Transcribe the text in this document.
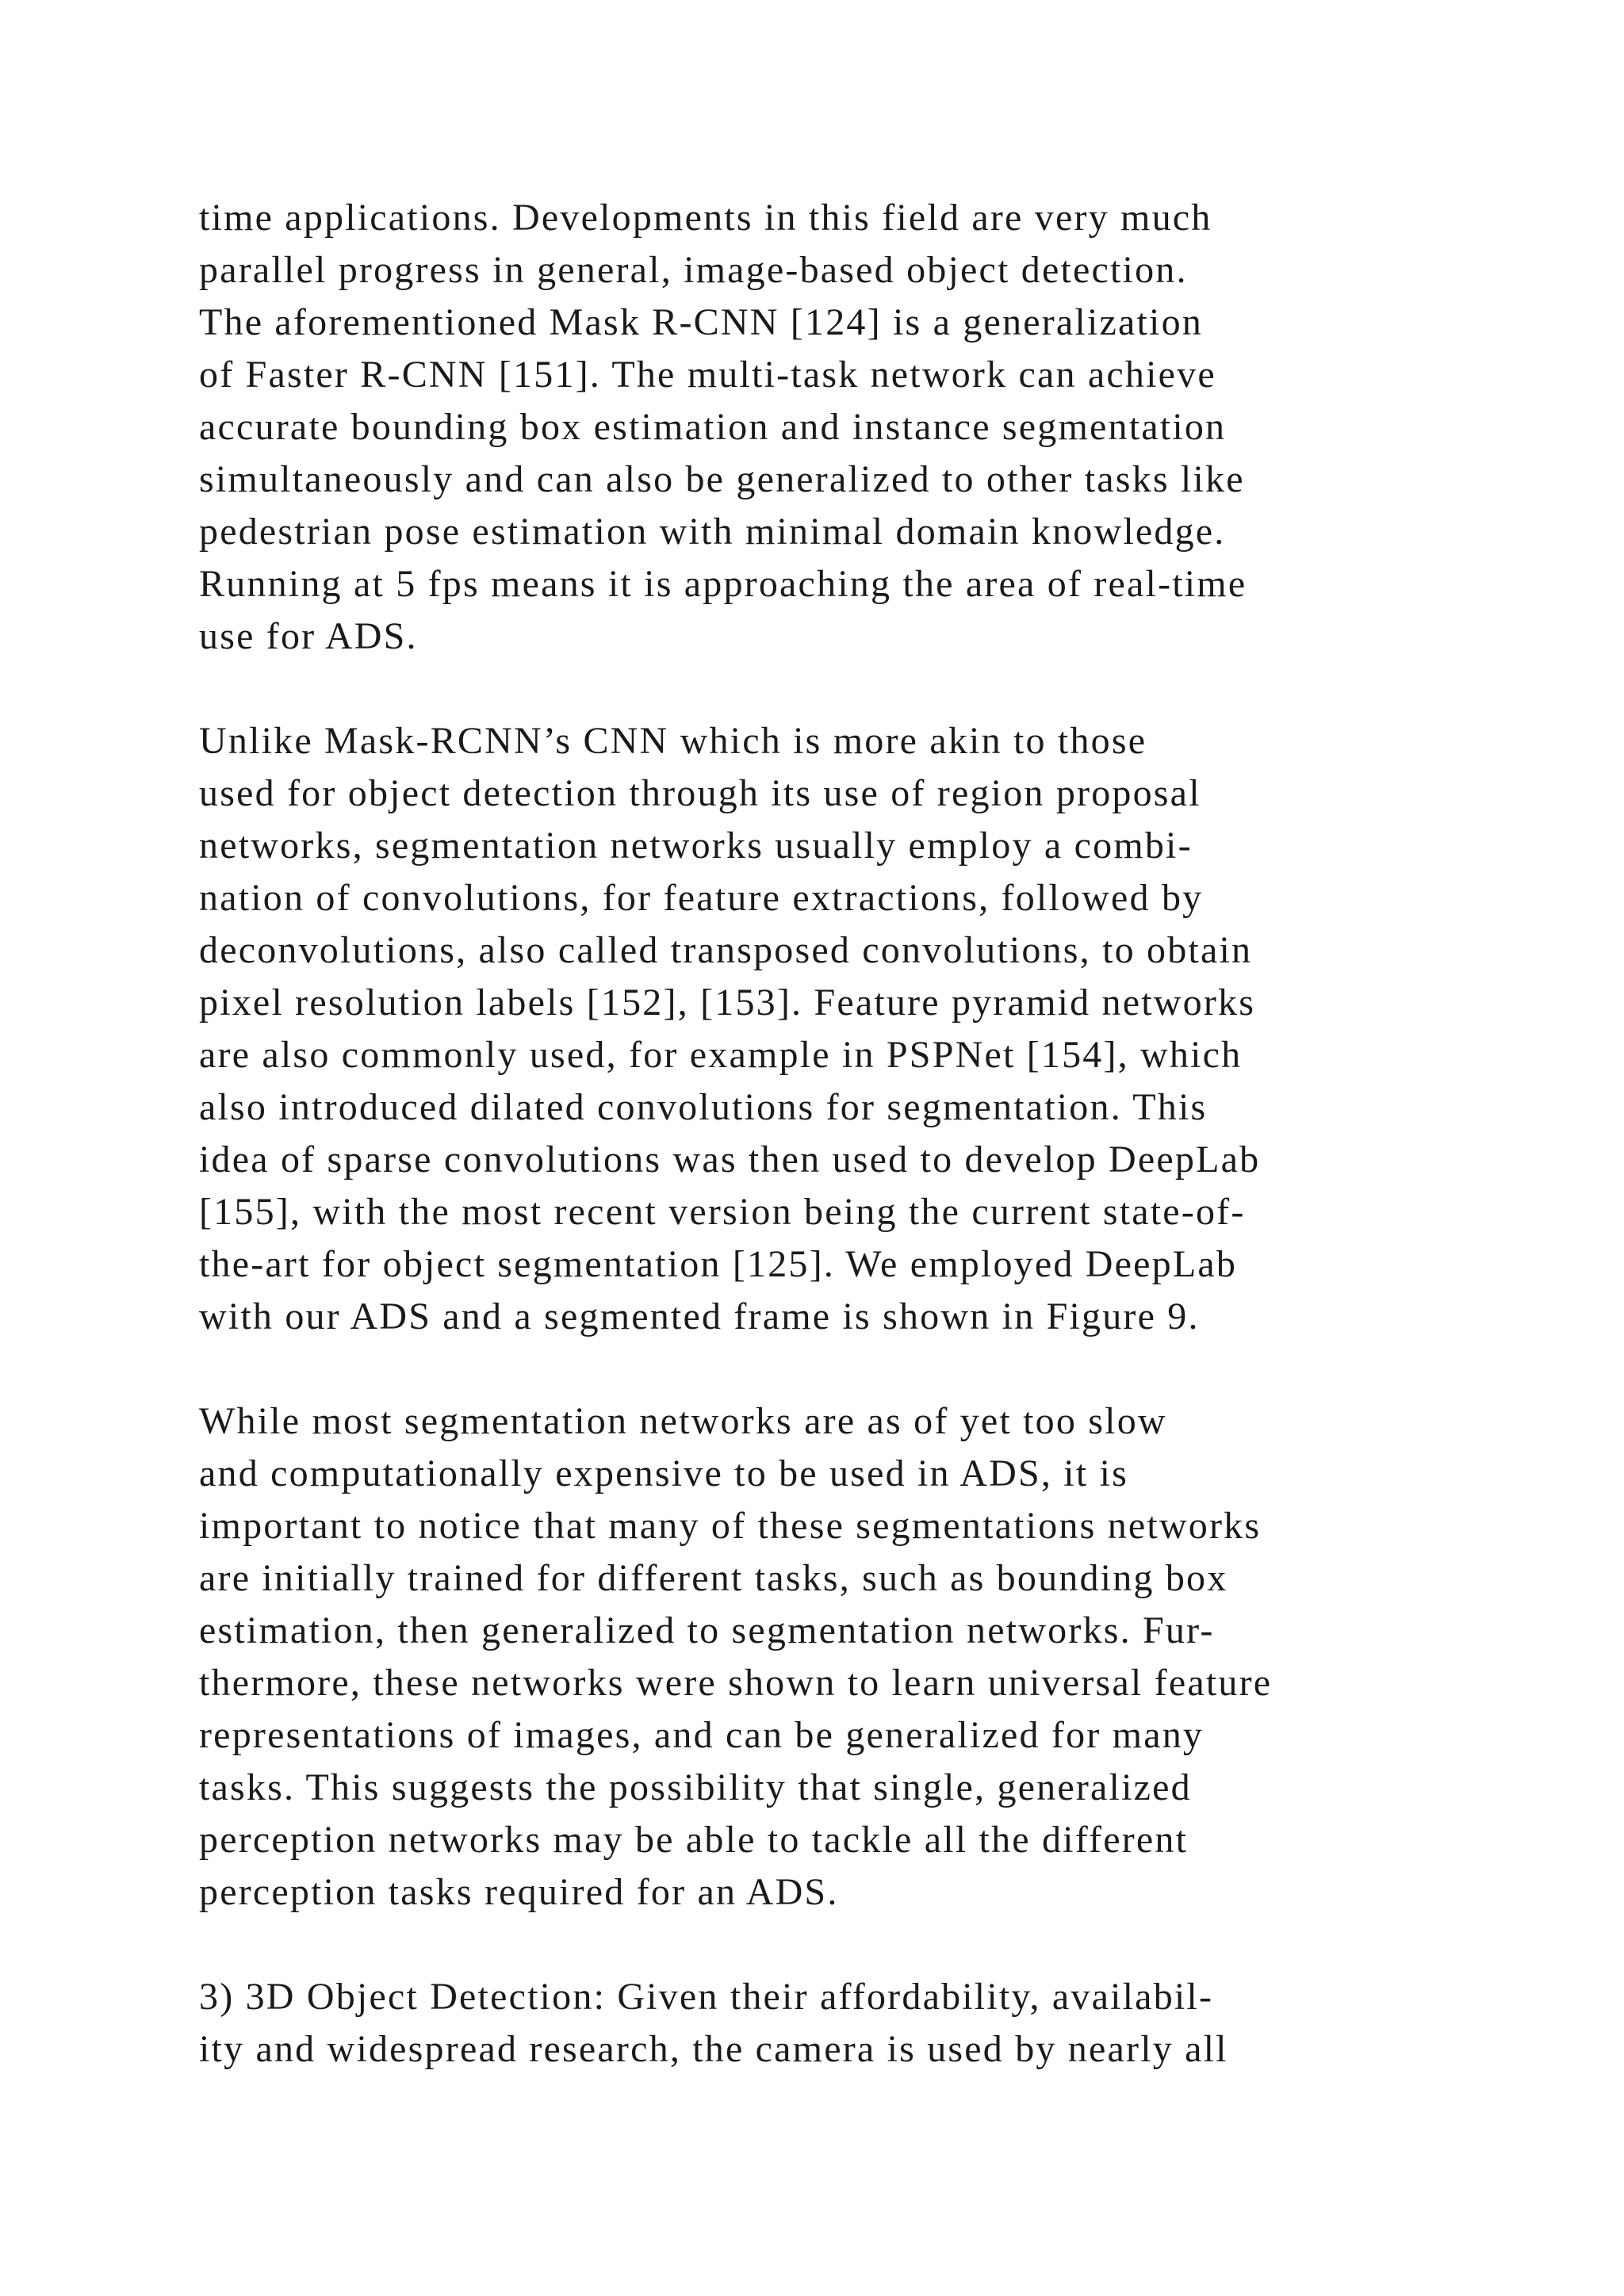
time applications. Developments in this field are very much
parallel progress in general, image-based object detection.
The aforementioned Mask R-CNN [124] is a generalization
of Faster R-CNN [151]. The multi-task network can achieve
accurate bounding box estimation and instance segmentation
simultaneously and can also be generalized to other tasks like
pedestrian pose estimation with minimal domain knowledge.
Running at 5 fps means it is approaching the area of real-time
use for ADS.
Unlike Mask-RCNN’s CNN which is more akin to those
used for object detection through its use of region proposal
networks, segmentation networks usually employ a combi-
nation of convolutions, for feature extractions, followed by
deconvolutions, also called transposed convolutions, to obtain
pixel resolution labels [152], [153]. Feature pyramid networks
are also commonly used, for example in PSPNet [154], which
also introduced dilated convolutions for segmentation. This
idea of sparse convolutions was then used to develop DeepLab
[155], with the most recent version being the current state-of-
the-art for object segmentation [125]. We employed DeepLab
with our ADS and a segmented frame is shown in Figure 9.
While most segmentation networks are as of yet too slow
and computationally expensive to be used in ADS, it is
important to notice that many of these segmentations networks
are initially trained for different tasks, such as bounding box
estimation, then generalized to segmentation networks. Fur-
thermore, these networks were shown to learn universal feature
representations of images, and can be generalized for many
tasks. This suggests the possibility that single, generalized
perception networks may be able to tackle all the different
perception tasks required for an ADS.
3) 3D Object Detection: Given their affordability, availabil-
ity and widespread research, the camera is used by nearly all
